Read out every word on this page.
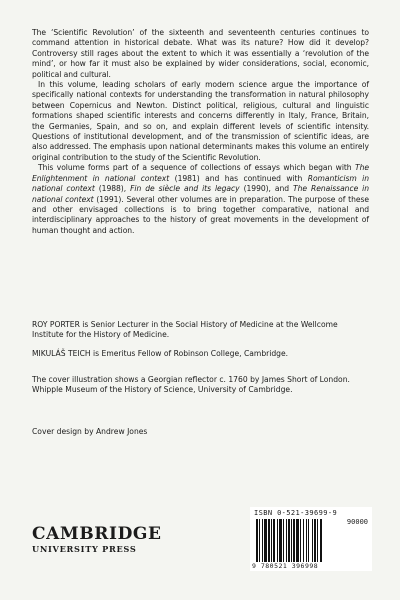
The ‘Scientific Revolution’ of the sixteenth and seventeenth centuries continues to command attention in historical debate. What was its nature? How did it develop? Controversy still rages about the extent to which it was essentially a ‘revolution of the mind’, or how far it must also be explained by wider considerations, social, economic, political and cultural.

In this volume, leading scholars of early modern science argue the importance of specifically national contexts for understanding the transformation in natural philosophy between Copernicus and Newton. Distinct political, religious, cultural and linguistic formations shaped scientific interests and concerns differently in Italy, France, Britain, the Germanies, Spain, and so on, and explain different levels of scientific intensity. Questions of institutional development, and of the transmission of scientific ideas, are also addressed. The emphasis upon national determinants makes this volume an entirely original contribution to the study of the Scientific Revolution.

This volume forms part of a sequence of collections of essays which began with The Enlightenment in national context (1981) and has continued with Romanticism in national context (1988), Fin de siècle and its legacy (1990), and The Renaissance in national context (1991). Several other volumes are in preparation. The purpose of these and other envisaged collections is to bring together comparative, national and interdisciplinary approaches to the history of great movements in the development of human thought and action.

ROY PORTER is Senior Lecturer in the Social History of Medicine at the Wellcome Institute for the History of Medicine.

MIKULÁŠ TEICH is Emeritus Fellow of Robinson College, Cambridge.

The cover illustration shows a Georgian reflector c. 1760 by James Short of London. Whipple Museum of the History of Science, University of Cambridge.
Cover design by Andrew Jones
CAMBRIDGE
UNIVERSITY PRESS
ISBN 0-521-39699-9
90000
9 780521 396998
